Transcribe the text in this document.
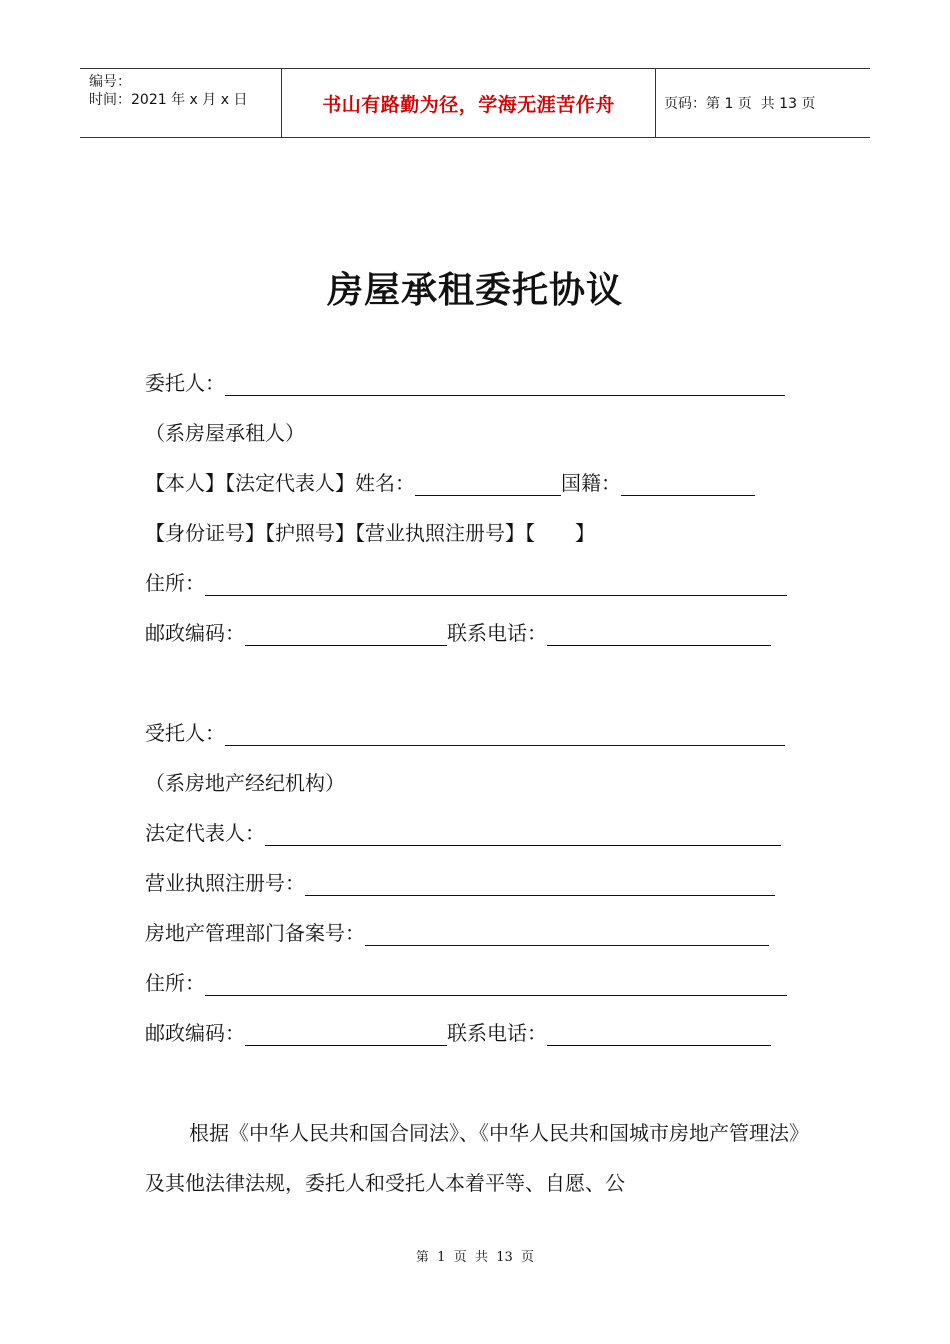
编号：
时间：2021 年 x 月 x 日	书山有路勤为径，学海无涯苦作舟	页码：第 1 页  共 13 页
房屋承租委托协议
委托人：
（系房屋承租人）
【本人】【法定代表人】姓名：	国籍：
【身份证号】【护照号】【营业执照注册号】【　　】
住所：
邮政编码：	联系电话：
受托人：
（系房地产经纪机构）
法定代表人：
营业执照注册号：
房地产管理部门备案号：
住所：
邮政编码：	联系电话：
根据《中华人民共和国合同法》、《中华人民共和国城市房地产管理法》及其他法律法规，委托人和受托人本着平等、自愿、公
第  1  页  共  13  页
